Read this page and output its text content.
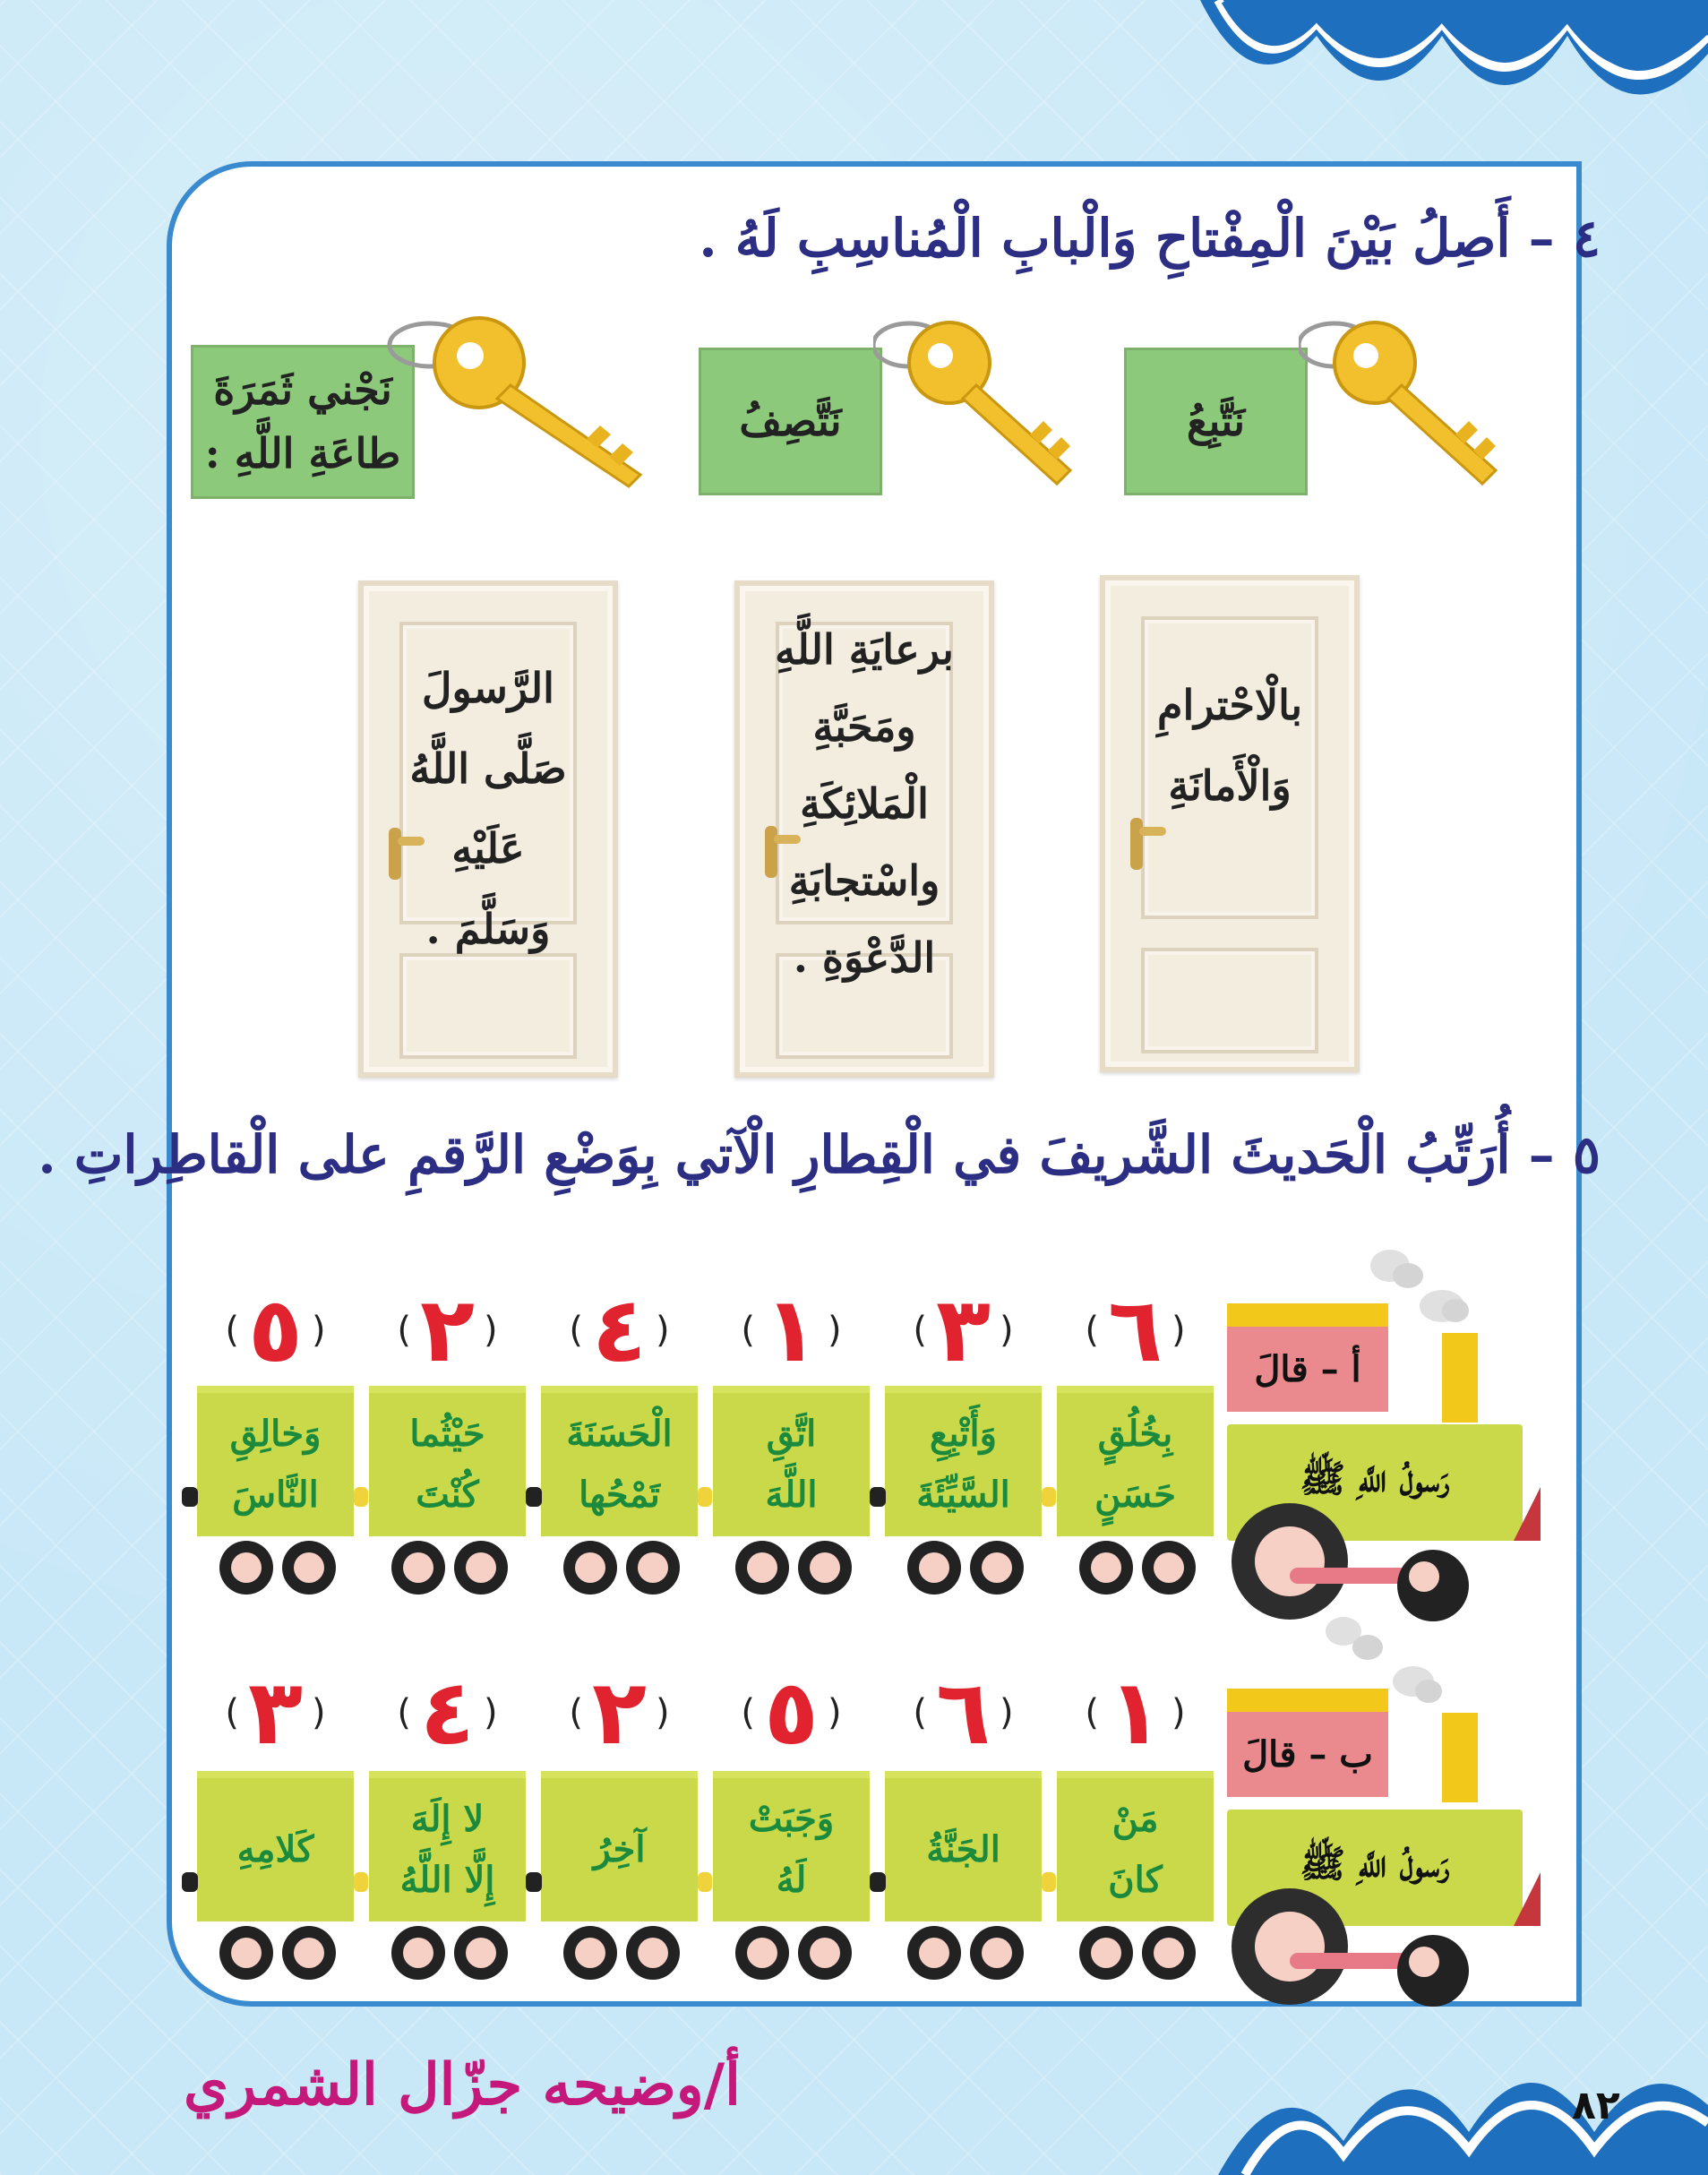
٤ – أَصِلُ بَيْنَ الْمِفْتاحِ وَالْبابِ الْمُناسِبِ لَهُ .
نَتَّبِعُ
نَتَّصِفُ
نَجْني ثَمَرَةَ
طاعَةِ اللَّهِ :
بالْاحْترامِ
وَالْأَمانَةِ
برعايَةِ اللَّهِ
ومَحَبَّةِ
الْمَلائِكَةِ
واسْتجابَةِ
الدَّعْوَةِ .
الرَّسولَ
صَلَّى اللَّهُ
عَلَيْهِ
وَسَلَّمَ .
٥ – أُرَتِّبُ الْحَديثَ الشَّريفَ في الْقِطارِ الْآتي بِوَضْعِ الرَّقمِ على الْقاطِراتِ .
أ – قالَ
رَسولُ اللَّهِ ﷺ
( ٦ )
بِخُلُقٍ
حَسَنٍ
( ٣ )
وَأَتْبِعِ
السَّيِّئَةَ
( ١ )
اتَّقِ
اللَّهَ
( ٤ )
الْحَسَنَةَ
تَمْحُها
( ٢ )
حَيْثُما
كُنْتَ
( ٥ )
وَخالِقِ
النَّاسَ
ب – قالَ
رَسولُ اللَّهِ ﷺ
( ١ )
مَنْ
كانَ
( ٦ )
الجَنَّةُ
( ٥ )
وَجَبَتْ
لَهُ
( ٢ )
آخِرُ
( ٤ )
لا إِلَهَ
إِلَّا اللَّهُ
( ٣ )
كَلامِهِ
أ/وضيحه جزّال الشمري	٨٢
